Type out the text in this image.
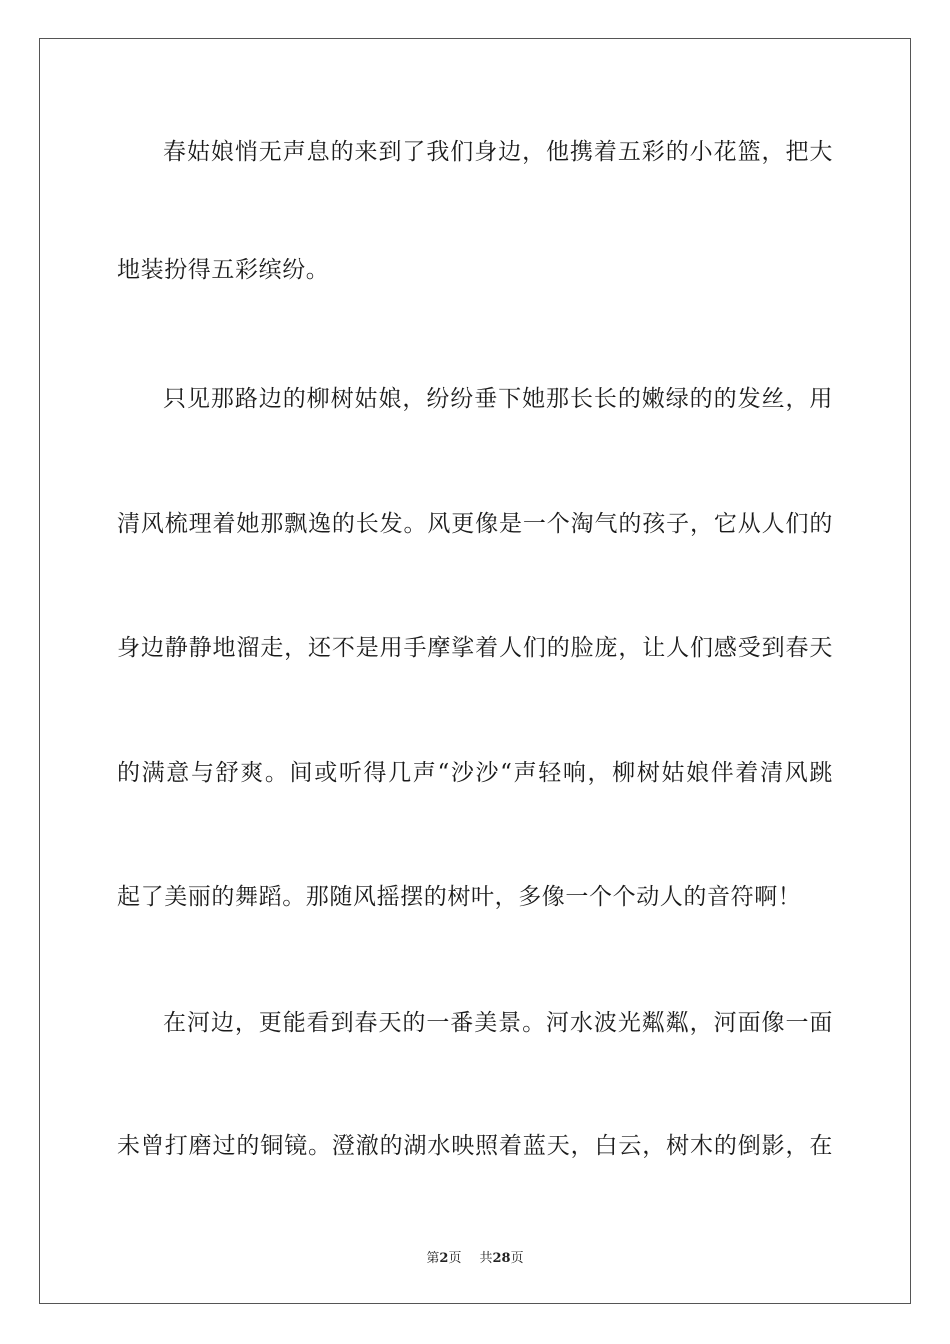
春姑娘悄无声息的来到了我们身边，他携着五彩的小花篮，把大
地装扮得五彩缤纷。
只见那路边的柳树姑娘，纷纷垂下她那长长的嫩绿的的发丝，用
清风梳理着她那飘逸的长发。风更像是一个淘气的孩子，它从人们的
身边静静地溜走，还不是用手摩挲着人们的脸庞，让人们感受到春天
的满意与舒爽。间或听得几声“沙沙“声轻响，柳树姑娘伴着清风跳
起了美丽的舞蹈。那随风摇摆的树叶，多像一个个动人的音符啊！
在河边，更能看到春天的一番美景。河水波光粼粼，河面像一面
未曾打磨过的铜镜。澄澈的湖水映照着蓝天，白云，树木的倒影，在
第2页 共28页
